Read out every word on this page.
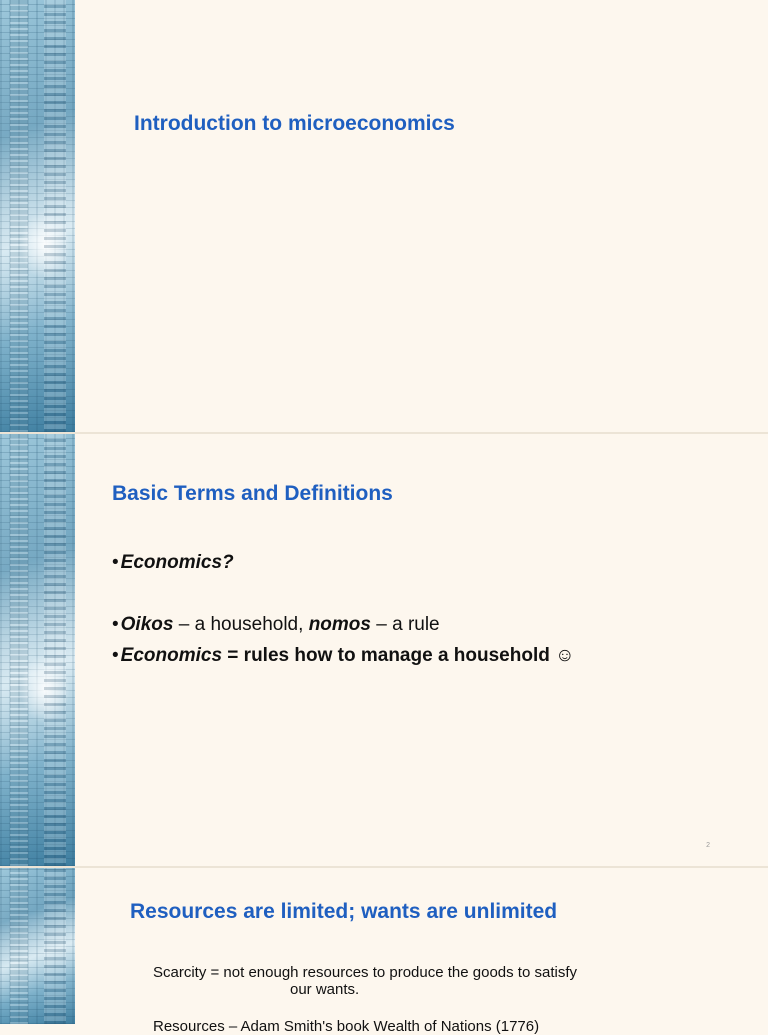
Introduction to microeconomics
Basic Terms and Definitions
• Economics?
• Oikos – a household, nomos – a rule
• Economics = rules how to manage a household ☺
2
Resources are limited; wants are unlimited
Scarcity = not enough resources to produce the goods to satisfy
our wants.
Resources – Adam Smith's book Wealth of Nations (1776)
